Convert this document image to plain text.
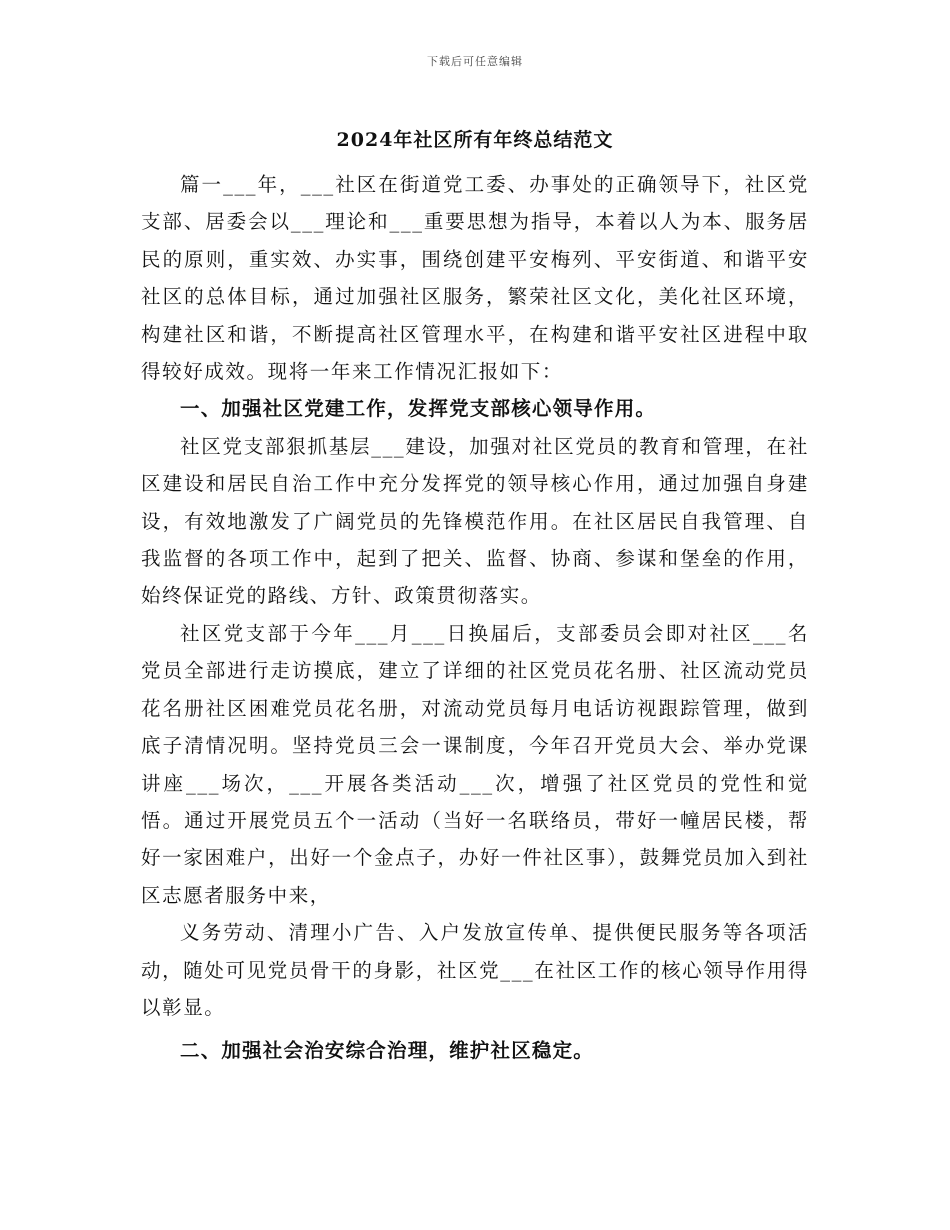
下载后可任意编辑
2024年社区所有年终总结范文

篇一___年，___社区在街道党工委、办事处的正确领导下，社区党支部、居委会以___理论和___重要思想为指导，本着以人为本、服务居民的原则，重实效、办实事，围绕创建平安梅列、平安街道、和谐平安社区的总体目标，通过加强社区服务，繁荣社区文化，美化社区环境，构建社区和谐，不断提高社区管理水平，在构建和谐平安社区进程中取得较好成效。现将一年来工作情况汇报如下：

一、加强社区党建工作，发挥党支部核心领导作用。

社区党支部狠抓基层___建设，加强对社区党员的教育和管理，在社区建设和居民自治工作中充分发挥党的领导核心作用，通过加强自身建设，有效地激发了广阔党员的先锋模范作用。在社区居民自我管理、自我监督的各项工作中，起到了把关、监督、协商、参谋和堡垒的作用，始终保证党的路线、方针、政策贯彻落实。

社区党支部于今年___月___日换届后，支部委员会即对社区___名党员全部进行走访摸底，建立了详细的社区党员花名册、社区流动党员花名册社区困难党员花名册，对流动党员每月电话访视跟踪管理，做到底子清情况明。坚持党员三会一课制度，今年召开党员大会、举办党课讲座___场次，___开展各类活动___次，增强了社区党员的党性和觉悟。通过开展党员五个一活动（当好一名联络员，带好一幢居民楼，帮好一家困难户，出好一个金点子，办好一件社区事），鼓舞党员加入到社区志愿者服务中来，

义务劳动、清理小广告、入户发放宣传单、提供便民服务等各项活动，随处可见党员骨干的身影，社区党___在社区工作的核心领导作用得以彰显。

二、加强社会治安综合治理，维护社区稳定。
